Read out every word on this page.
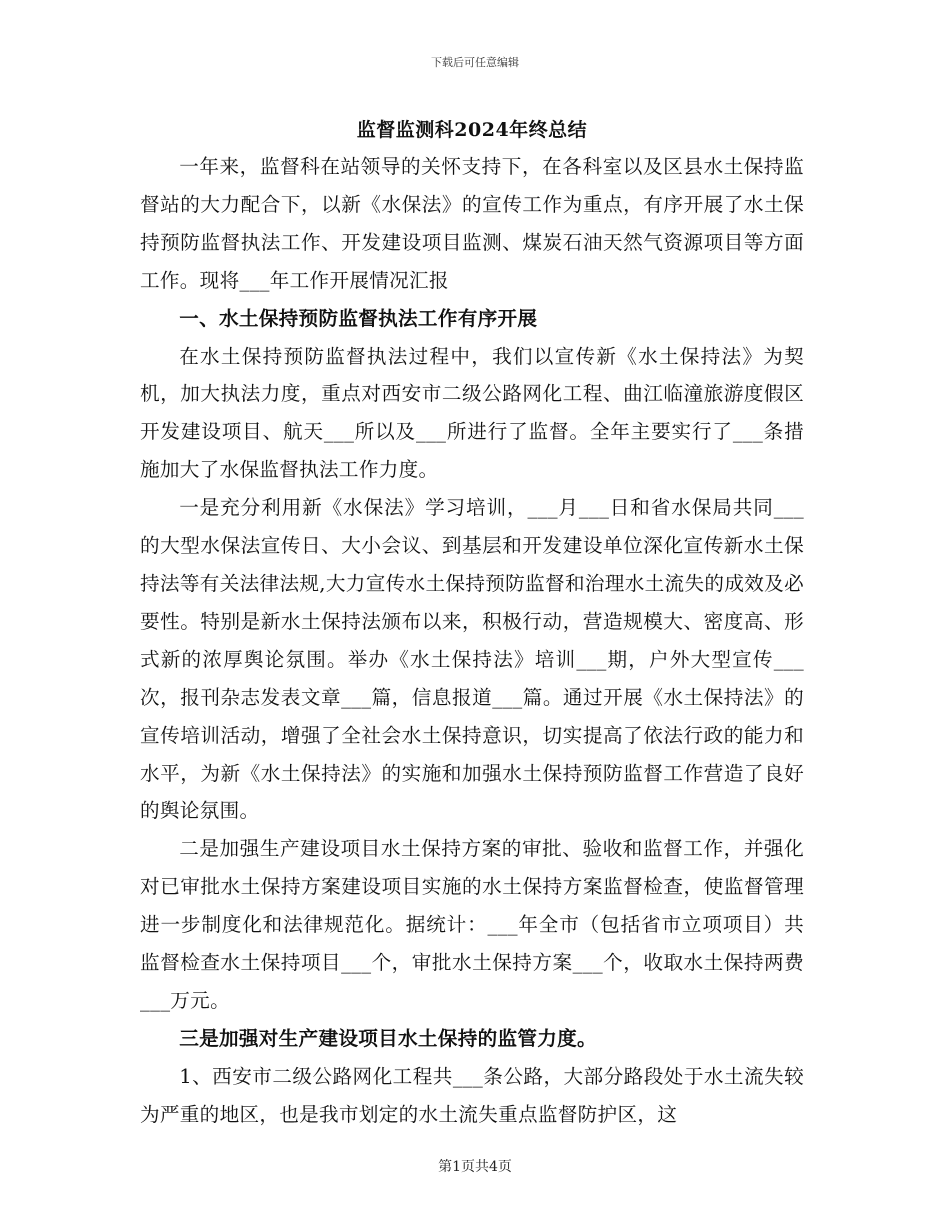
下载后可任意编辑
监督监测科2024年终总结

一年来，监督科在站领导的关怀支持下，在各科室以及区县水土保持监督站的大力配合下，以新《水保法》的宣传工作为重点，有序开展了水土保持预防监督执法工作、开发建设项目监测、煤炭石油天然气资源项目等方面工作。现将___年工作开展情况汇报

一、水土保持预防监督执法工作有序开展

在水土保持预防监督执法过程中，我们以宣传新《水土保持法》为契机，加大执法力度，重点对西安市二级公路网化工程、曲江临潼旅游度假区开发建设项目、航天___所以及___所进行了监督。全年主要实行了___条措施加大了水保监督执法工作力度。

一是充分利用新《水保法》学习培训，___月___日和省水保局共同___的大型水保法宣传日、大小会议、到基层和开发建设单位深化宣传新水土保持法等有关法律法规,大力宣传水土保持预防监督和治理水土流失的成效及必要性。特别是新水土保持法颁布以来，积极行动，营造规模大、密度高、形式新的浓厚舆论氛围。举办《水土保持法》培训___期，户外大型宣传___次，报刊杂志发表文章___篇，信息报道___篇。通过开展《水土保持法》的宣传培训活动，增强了全社会水土保持意识，切实提高了依法行政的能力和水平，为新《水土保持法》的实施和加强水土保持预防监督工作营造了良好的舆论氛围。

二是加强生产建设项目水土保持方案的审批、验收和监督工作，并强化对已审批水土保持方案建设项目实施的水土保持方案监督检查，使监督管理进一步制度化和法律规范化。据统计：___年全市（包括省市立项项目）共监督检查水土保持项目___个，审批水土保持方案___个，收取水土保持两费___万元。

三是加强对生产建设项目水土保持的监管力度。

1、西安市二级公路网化工程共___条公路，大部分路段处于水土流失较为严重的地区，也是我市划定的水土流失重点监督防护区，这

第1页共4页
